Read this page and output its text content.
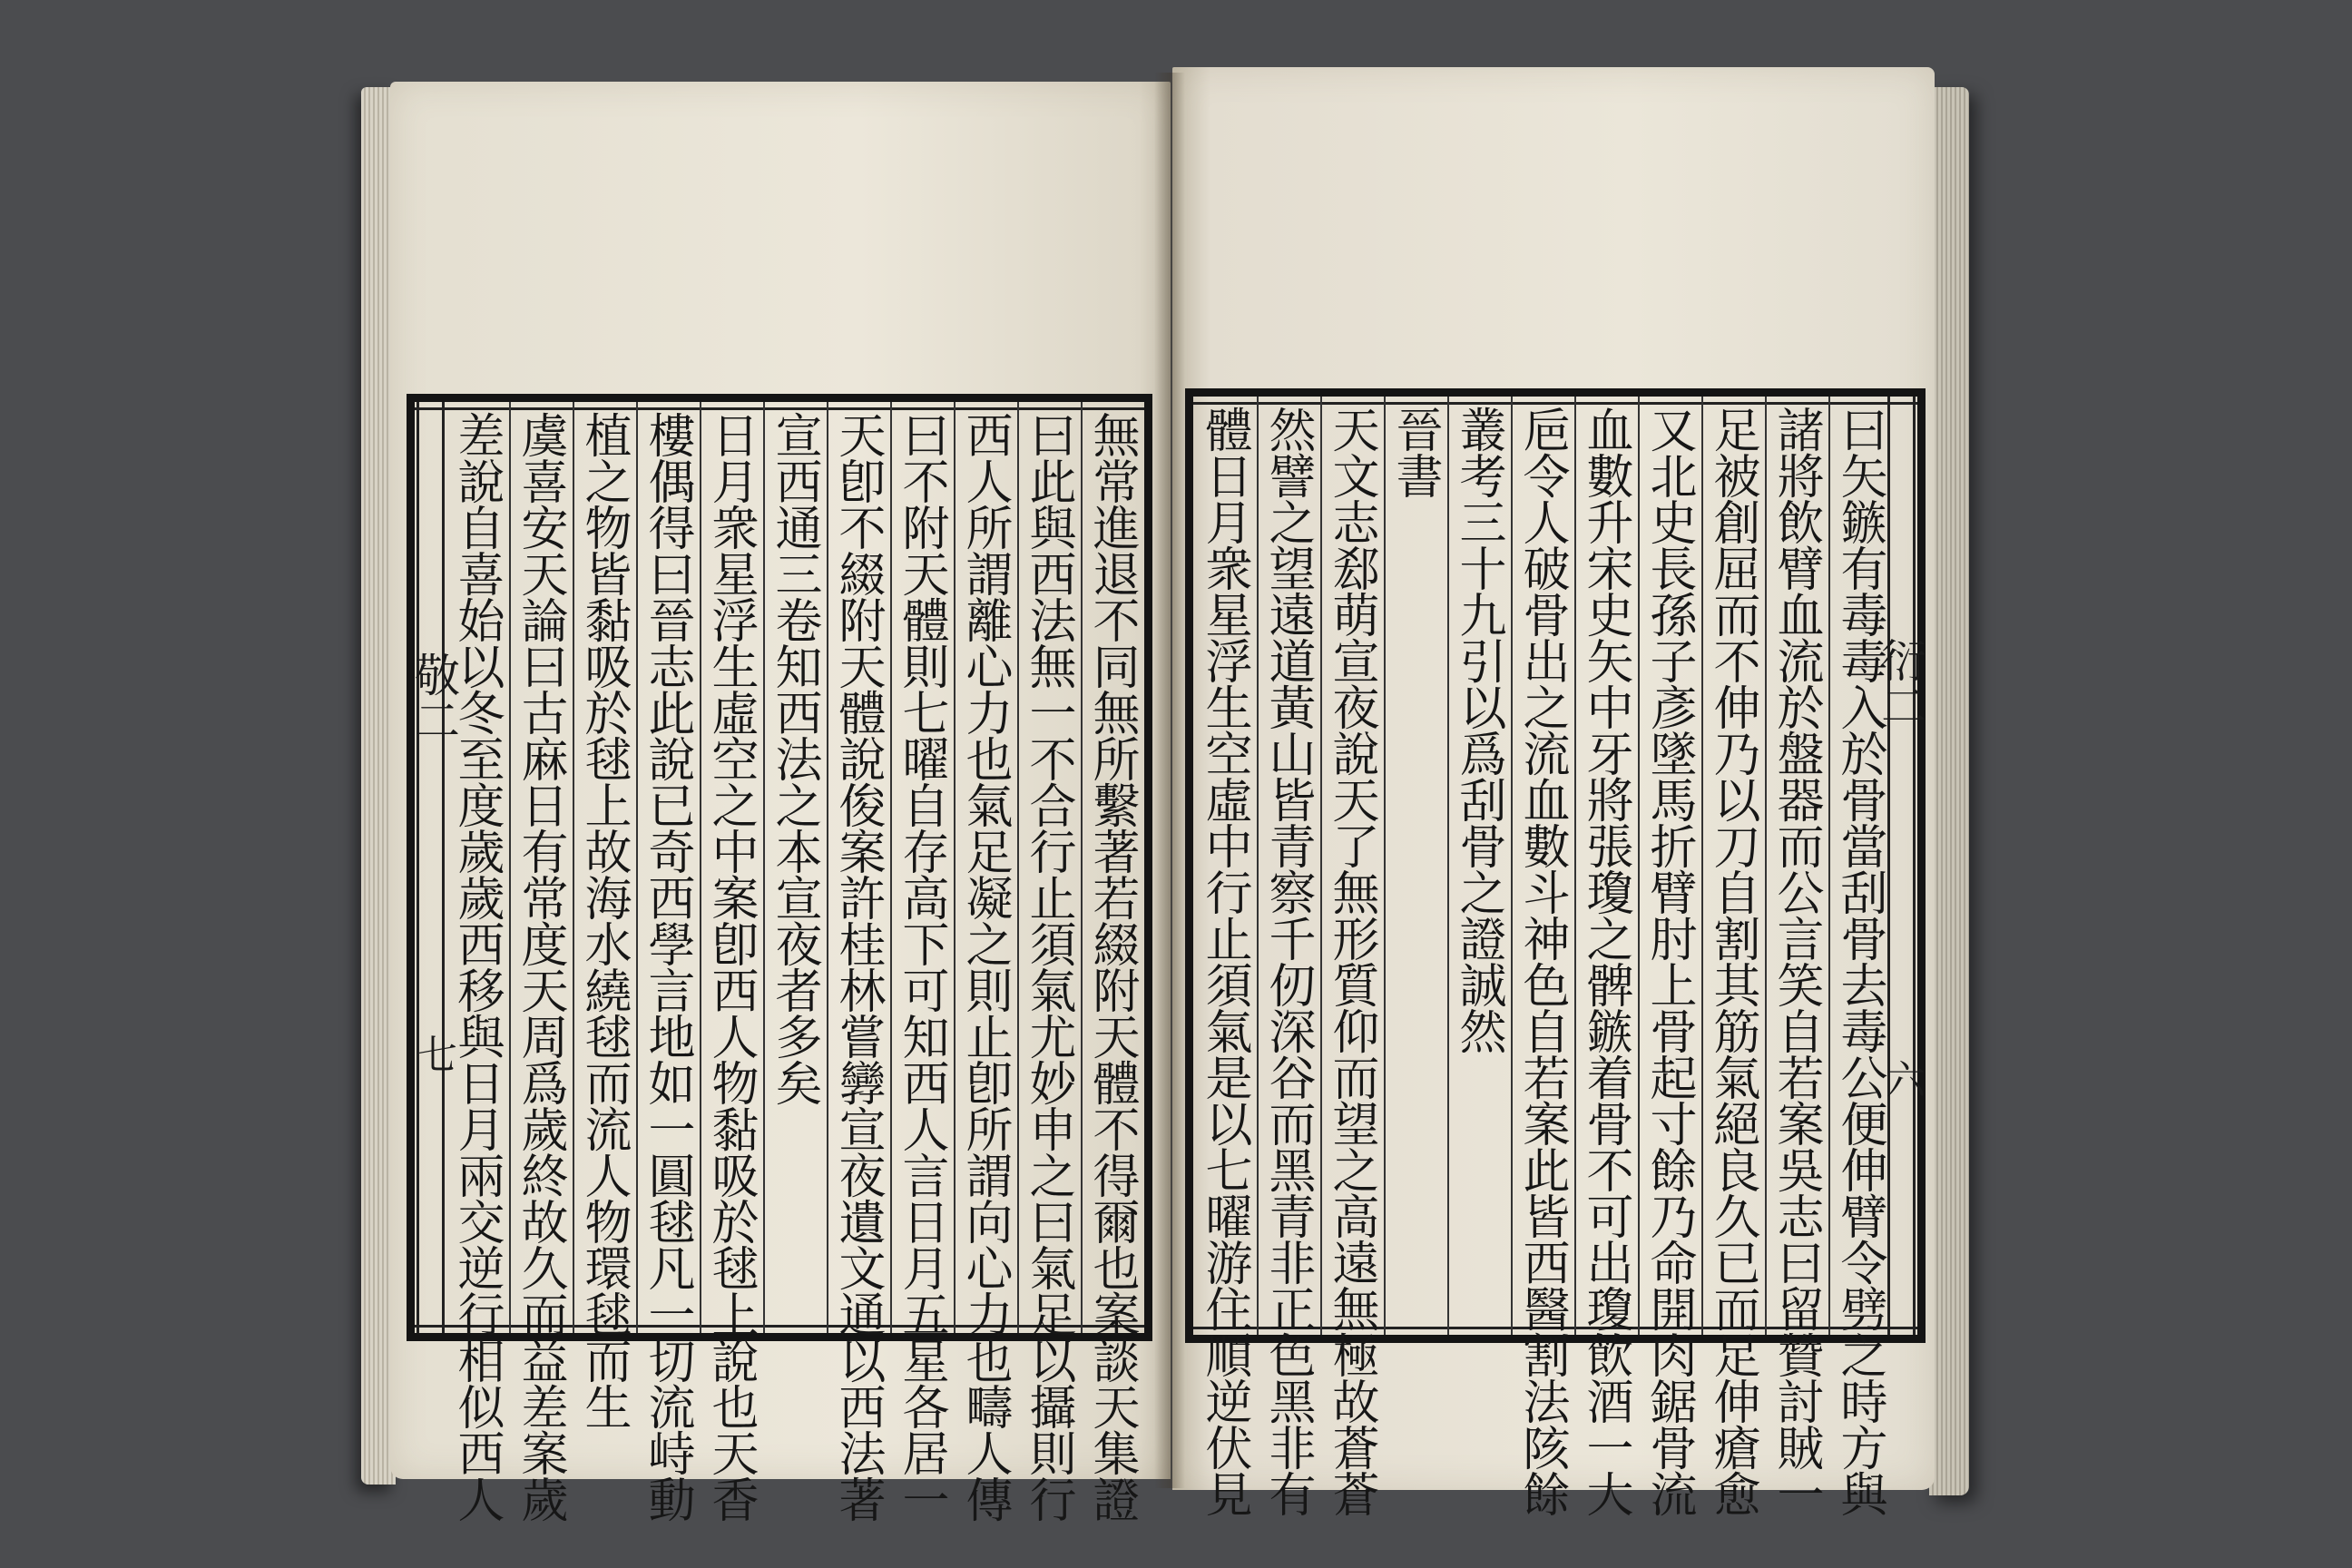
敬二
七	無常進退不同無所繫著若綴附天體不得爾也案談天集證
曰此與西法無一不合行止須氣尤妙申之曰氣足以攝則行
西人所謂離心力也氣足凝之則止卽所謂向心力也疇人傳
曰不附天體則七曜自存高下可知西人言日月五星各居一
天卽不綴附天體說俊案許桂林嘗㝈宣夜遺文通以西法著
宣西通三卷知西法之本宣夜者多矣
日月衆星浮生虛空之中案卽西人物黏吸於毬上說也天香
樓偶得曰晉志此說已奇西學言地如一圓毬凡一切流峙動
植之物皆黏吸於毬上故海水繞毬而流人物環毬而生
虞喜安天論曰古麻日有常度天周爲歲終故久而益差案歲
差說自喜始以冬至度歲歲西移與日月兩交逆行相似西人	衍二
六
曰矢鏃有毒毒入於骨當刮骨去毒公便伸臂令劈之時方與
諸將飲臂血流於盤器而公言笑自若案吳志曰留贊討賊一
足被創屈而不伸乃以刀自割其筋氣絕良久已而足伸瘡愈
又北史長孫子彥墜馬折臂肘上骨起寸餘乃命開肉鋸骨流
血數升宋史矢中牙將張瓊之髀鏃着骨不可出瓊飲酒一大
巵令人破骨出之流血數斗神色自若案此皆西醫割法陔餘
叢考三十九引以爲刮骨之證誠然
晉書
天文志郄萌宣夜說天了無形質仰而望之高遠無極故蒼蒼
然譬之望遠道黃山皆青察千仞深谷而黑青非正色黑非有
體日月衆星浮生空虛中行止須氣是以七曜游住順逆伏見
